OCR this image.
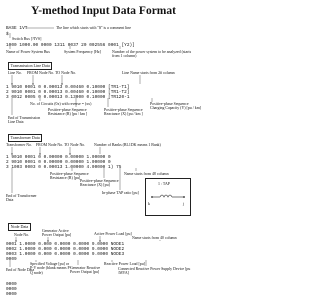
Y-method Input Data Format
BASE 1VT	The line which starts with "$" is a comment line
$
Switch Bus [?IVS]
1000 1000.00 0000 1311 0037 20 002556 0001 [Y2)]
Name of Power System Bus	System Frequency [Hz]	Number of the power system to be analyzed (starts from 1 column)
Transmission Line Data
Line No. FROM Node No. TO Node No.	Line Name starts from 2# column
1 9010 0001 0 0.00013 0.00460 0.10000 [TR1-T1]
2 9010 0001 0 0.00013 0.00460 0.10000 [TR1-T2]
3 0012 0005 0 0.00013 0.13000 0.10000 [TR120-1
No. of Circuits (0x) with reverse = (xx)
Positive-phase Sequence Resistance (R) [pu / km ]
Positive-phase Sequence Reactance (X) [pu / km ]
Positive-phase Sequence Charging Capacity (Y) [pu / km]
End of Transmission Line Data
Transformer Data
Transformer No. FROM Node No. TO Node No. Number of Banks (BL1DK means 1 Bank)
1 9010 0001 0 0.00000 0.00000 1.00000 0
2 9010 0001 0 0.00000 0.00000 1.00000 0
3 1003 0003 0 0.00013 1.00000 4.00000 1) 75
Positive-phase Sequence Resistance (R) [pu]
Positive-phase Sequence Reactance (X) [pu]
Name starts from 48 column
In-phase TAP ratio [pu]
End of Transformer Data
1 : TAP
k	j
Node Data
Node No.
Generator Active Power Output [pu]	Active Power Load [pu]
Name starts from 40 column
0001 1.0000 0.000 0.0000 0.0000 9.0000 NODE1
0002 1.0000 0.000 0.0000 0.0000 9.0000 NODE2
0003 1.0000 0.000 0.0000 0.0000 9.0000 NODE3
0009
Specified Voltage [pu] or P-V node (blank means P-Q node)
Generator Reactive Power Output [pu]
Reactive Power Load [pu]
Connected Reactive Power Supply Device [pu /MVA]
End of Node Data
0000
0000
0000
